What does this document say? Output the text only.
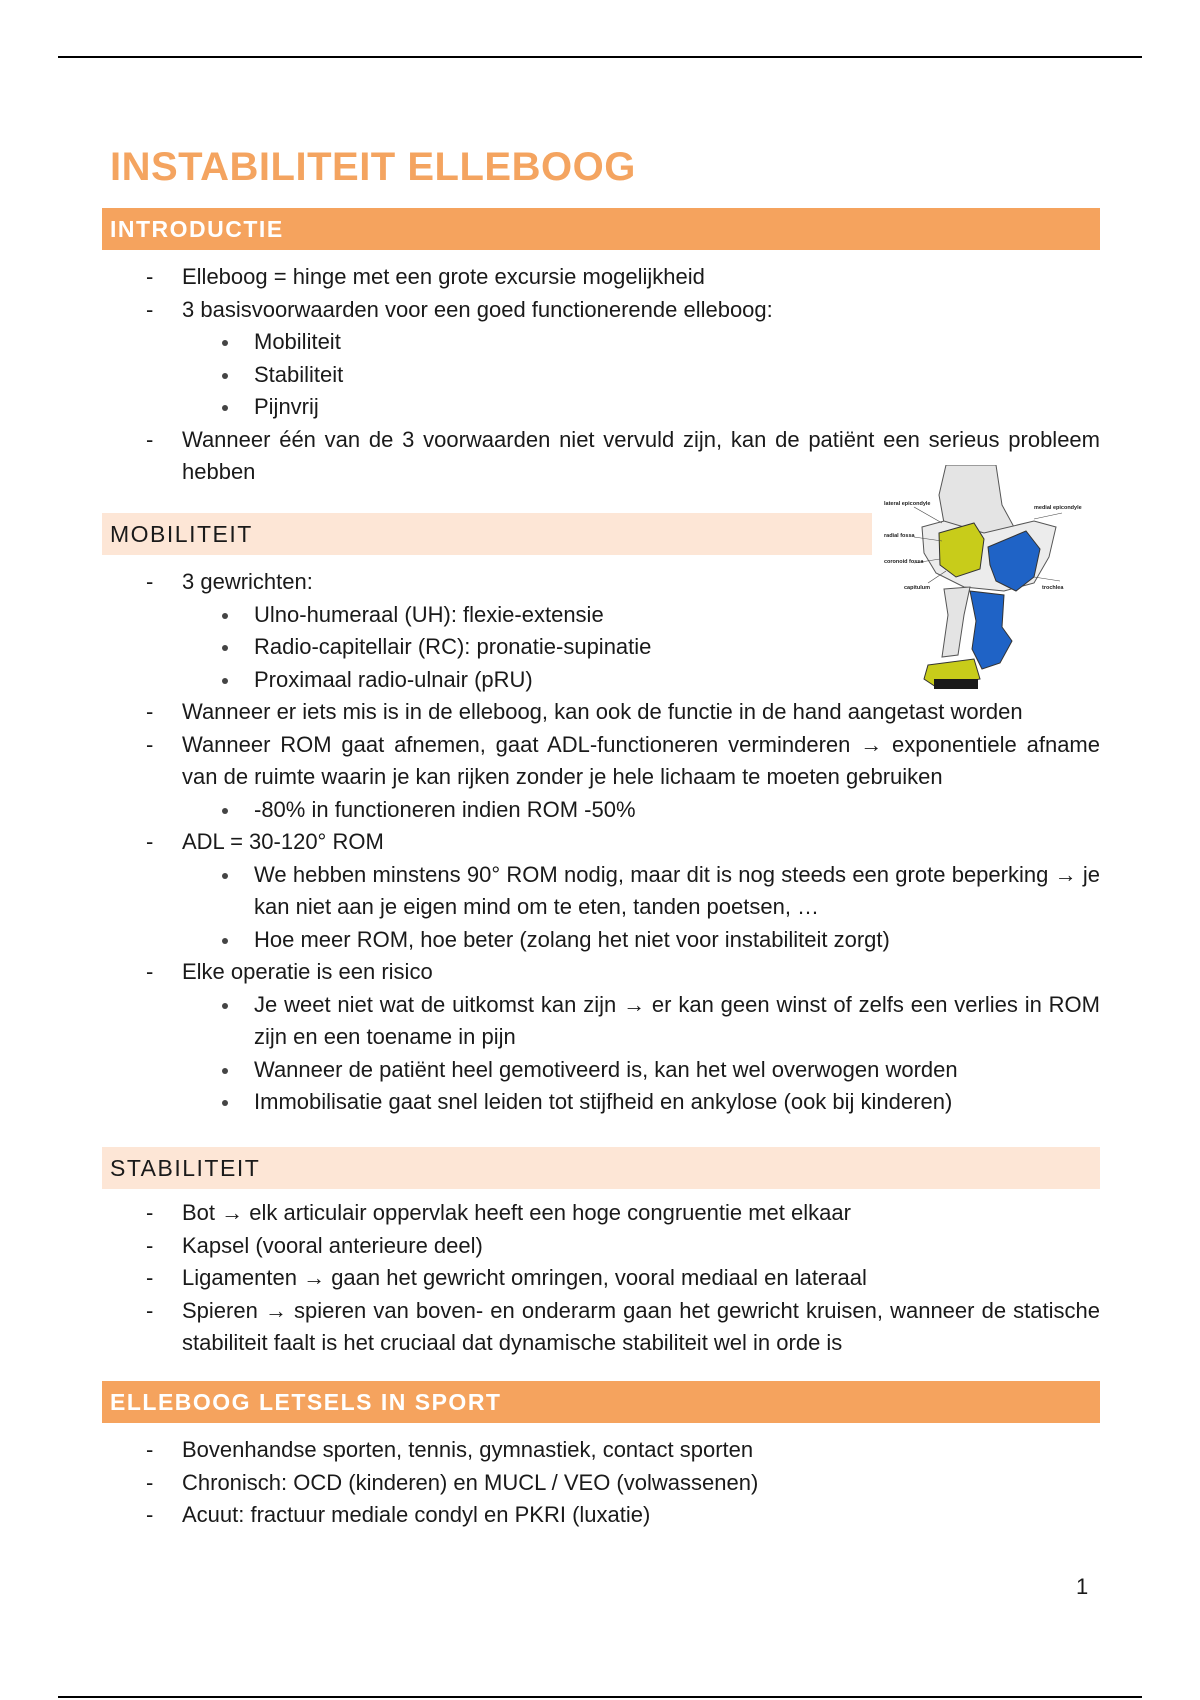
INSTABILITEIT ELLEBOOG
INTRODUCTIE
- Elleboog = hinge met een grote excursie mogelijkheid
- 3 basisvoorwaarden voor een goed functionerende elleboog:
Mobiliteit
Stabiliteit
Pijnvrij
- Wanneer één van de 3 voorwaarden niet vervuld zijn, kan de patiënt een serieus probleem hebben
MOBILITEIT
- 3 gewrichten:
Ulno-humeraal (UH): flexie-extensie
Radio-capitellair (RC): pronatie-supinatie
Proximaal radio-ulnair (pRU)
- Wanneer er iets mis is in de elleboog, kan ook de functie in de hand aangetast worden
- Wanneer ROM gaat afnemen, gaat ADL-functioneren verminderen → exponentiele afname van de ruimte waarin je kan rijken zonder je hele lichaam te moeten gebruiken
-80% in functioneren indien ROM -50%
- ADL = 30-120° ROM
We hebben minstens 90° ROM nodig, maar dit is nog steeds een grote beperking → je kan niet aan je eigen mind om te eten, tanden poetsen, …
Hoe meer ROM, hoe beter (zolang het niet voor instabiliteit zorgt)
- Elke operatie is een risico
Je weet niet wat de uitkomst kan zijn → er kan geen winst of zelfs een verlies in ROM zijn en een toename in pijn
Wanneer de patiënt heel gemotiveerd is, kan het wel overwogen worden
Immobilisatie gaat snel leiden tot stijfheid en ankylose (ook bij kinderen)
lateral epicondyle
medial epicondyle
radial fossa
coronoid fossa
capitulum	trochlea
STABILITEIT
- Bot → elk articulair oppervlak heeft een hoge congruentie met elkaar
- Kapsel (vooral anterieure deel)
- Ligamenten → gaan het gewricht omringen, vooral mediaal en lateraal
- Spieren → spieren van boven- en onderarm gaan het gewricht kruisen, wanneer de statische stabiliteit faalt is het cruciaal dat dynamische stabiliteit wel in orde is
ELLEBOOG LETSELS IN SPORT
- Bovenhandse sporten, tennis, gymnastiek, contact sporten
- Chronisch: OCD (kinderen) en MUCL / VEO (volwassenen)
- Acuut: fractuur mediale condyl en PKRI (luxatie)
1
